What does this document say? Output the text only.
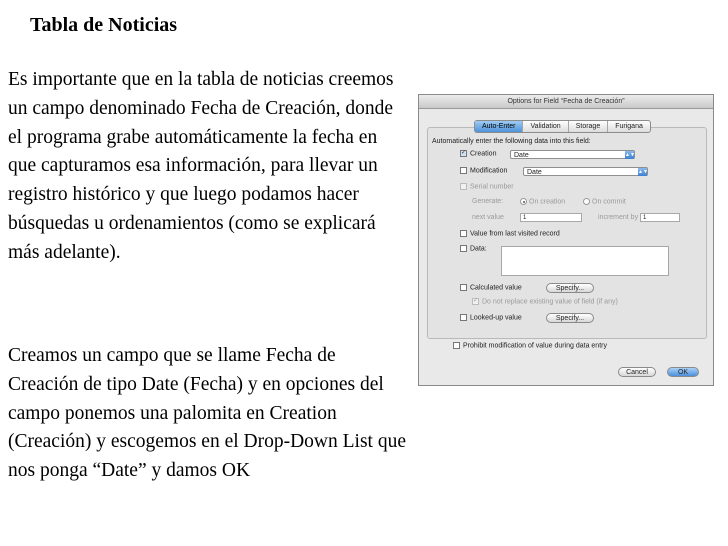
Tabla de Noticias
Es importante que en la tabla de noticias creemos un campo denominado Fecha de Creación, donde el programa grabe automáticamente la fecha en que capturamos esa información, para llevar un registro histórico y que luego podamos hacer búsquedas u ordenamientos (como se explicará más adelante).
Creamos un campo que se llame Fecha de Creación de tipo Date (Fecha) y en opciones del campo ponemos una palomita en Creation (Creación) y escogemos en el Drop-Down List que nos ponga “Date” y damos OK
Options for Field “Fecha de Creación”
Automatically enter the following data into this field:
✓ Creation	Date	▲▼
Modification	Date	▲▼
Serial number
Generate:	On creation	On commit
next value	1	increment by 1
Value from last visited record
Data:
Calculated value	Specify...
✓ Do not replace existing value of field (if any)
Looked-up value	Specify...
Auto-Enter	Validation	Storage	Furigana
Prohibit modification of value during data entry
Cancel	OK
